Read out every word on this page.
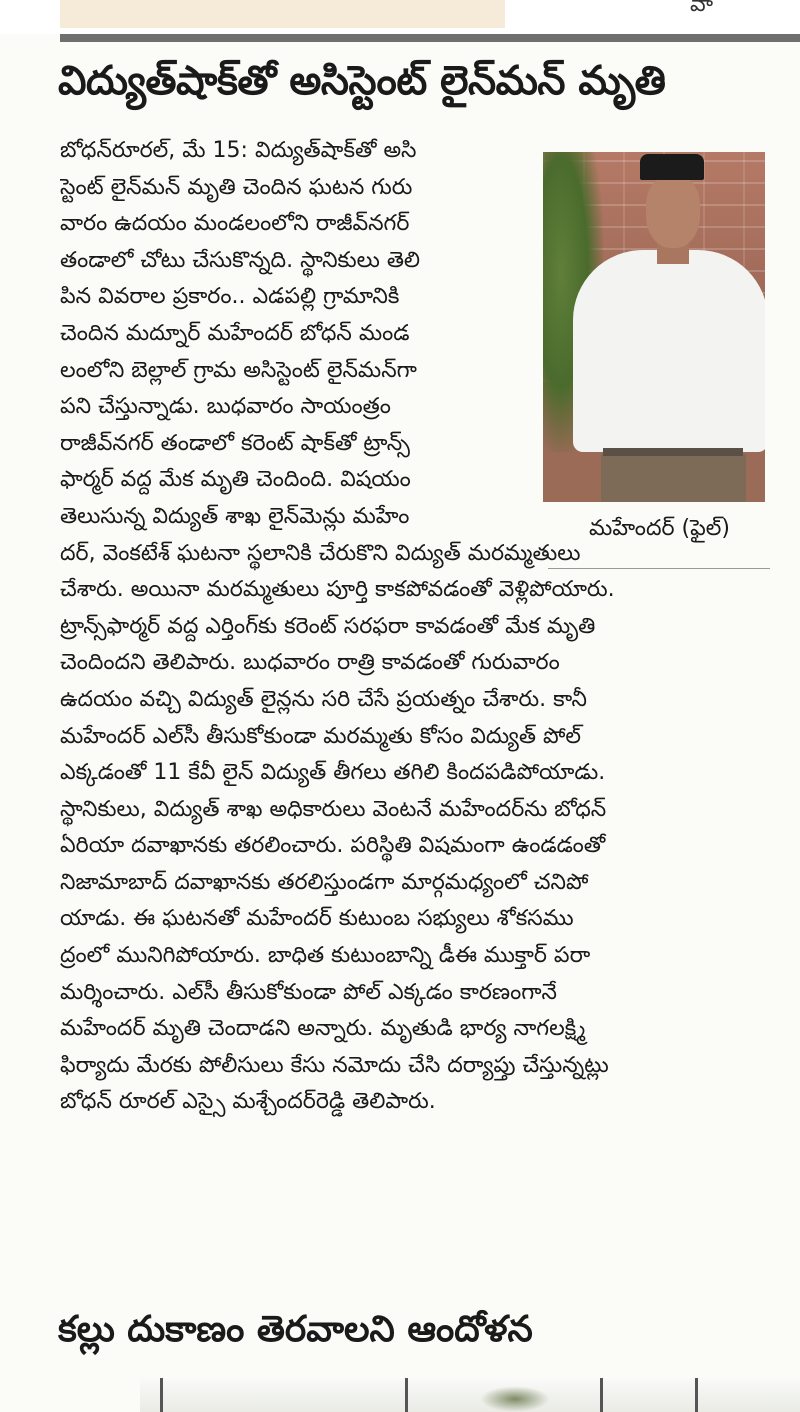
వా
విద్యుత్‌షాక్‌తో అసిస్టెంట్‌ లైన్‌మన్‌ మృతి
బోధన్‌రూరల్‌, మే 15: విద్యుత్‌షాక్‌తో అసి
స్టెంట్‌ లైన్‌మన్‌ మృతి చెందిన ఘటన గురు
వారం ఉదయం మండలంలోని రాజీవ్‌నగర్‌
తండాలో చోటు చేసుకొన్నది. స్థానికులు తెలి
పిన వివరాల ప్రకారం.. ఎడపల్లి గ్రామానికి
చెందిన మద్నూర్‌ మహేందర్‌ బోధన్‌ మండ
లంలోని బెల్లాల్‌ గ్రామ అసిస్టెంట్‌ లైన్‌మన్‌గా
పని చేస్తున్నాడు. బుధవారం సాయంత్రం
రాజీవ్‌నగర్‌ తండాలో కరెంట్‌ షాక్‌తో ట్రాన్స్‌
ఫార్మర్‌ వద్ద మేక మృతి చెందింది. విషయం
తెలుసున్న విద్యుత్‌ శాఖ లైన్‌మెన్లు మహేం
దర్‌, వెంకటేశ్‌ ఘటనా స్థలానికి చేరుకొని విద్యుత్‌ మరమ్మతులు
చేశారు. అయినా మరమ్మతులు పూర్తి కాకపోవడంతో వెళ్లిపోయారు.
ట్రాన్స్‌ఫార్మర్‌ వద్ద ఎర్తింగ్‌కు కరెంట్‌ సరఫరా కావడంతో మేక మృతి
చెందిందని తెలిపారు. బుధవారం రాత్రి కావడంతో గురువారం
ఉదయం వచ్చి విద్యుత్‌ లైన్లను సరి చేసే ప్రయత్నం చేశారు. కానీ
మహేందర్‌ ఎల్‌సీ తీసుకోకుండా మరమ్మతు కోసం విద్యుత్‌ పోల్‌
ఎక్కడంతో 11 కేవీ లైన్‌ విద్యుత్‌ తీగలు తగిలి కిందపడిపోయాడు.
స్థానికులు, విద్యుత్‌ శాఖ అధికారులు వెంటనే మహేందర్‌ను బోధన్‌
ఏరియా దవాఖానకు తరలించారు. పరిస్థితి విషమంగా ఉండడంతో
నిజామాబాద్‌ దవాఖానకు తరలిస్తుండగా మార్గమధ్యంలో చనిపో
యాడు. ఈ ఘటనతో మహేందర్‌ కుటుంబ సభ్యులు శోకసము
ద్రంలో మునిగిపోయారు. బాధిత కుటుంబాన్ని డీఈ ముక్తార్‌ పరా
మర్శించారు. ఎల్‌సీ తీసుకోకుండా పోల్‌ ఎక్కడం కారణంగానే
మహేందర్‌ మృతి చెందాడని అన్నారు. మృతుడి భార్య నాగలక్ష్మి
ఫిర్యాదు మేరకు పోలీసులు కేసు నమోదు చేసి దర్యాప్తు చేస్తున్నట్లు
బోధన్‌ రూరల్‌ ఎస్సై మశ్చేందర్‌రెడ్డి తెలిపారు.
మహేందర్‌ (ఫైల్‌)
కల్లు దుకాణం తెరవాలని ఆందోళన
